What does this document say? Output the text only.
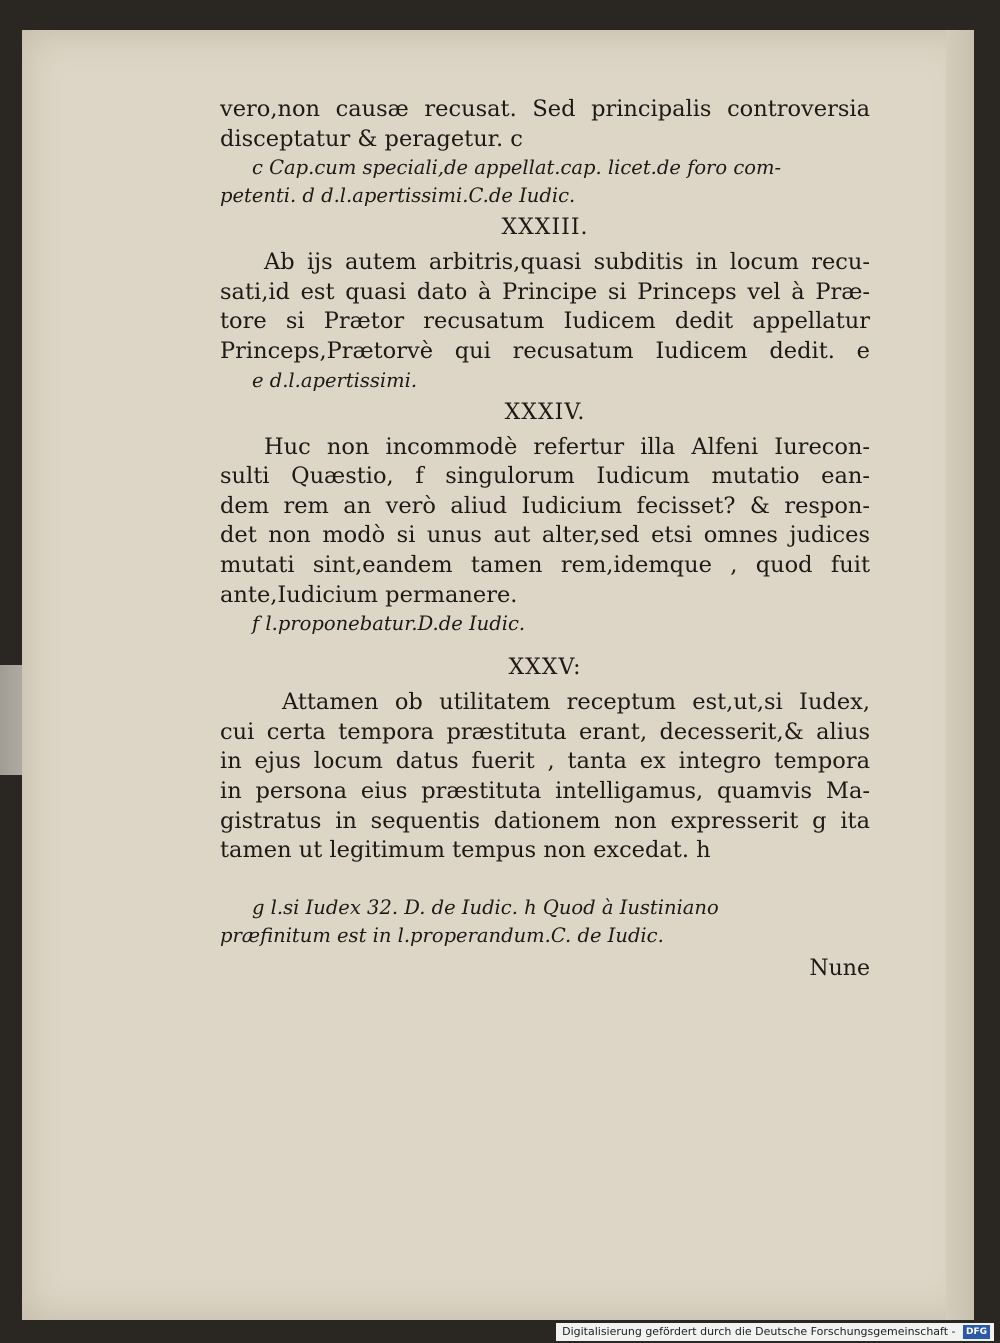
vero,non causæ recusat. Sed principalis controversia
disceptatur & peragetur. c
c Cap.cum speciali,de appellat.cap. licet.de foro com-
petenti. d d.l.apertissimi.C.de Iudic.
XXXIII.
Ab ijs autem arbitris,quasi subditis in locum recu-
sati,id est quasi dato à Principe si Princeps vel à Præ-
tore si Prætor recusatum Iudicem dedit appellatur
Princeps,Prætorvè qui recusatum Iudicem dedit. e
e d.l.apertissimi.
XXXIV.
Huc non incommodè refertur illa Alfeni Iurecon-
sulti Quæstio, f singulorum Iudicum mutatio ean-
dem rem an verò aliud Iudicium fecisset? & respon-
det non modò si unus aut alter,sed etsi omnes judices
mutati sint,eandem tamen rem,idemque , quod fuit
ante,Iudicium permanere.
f l.proponebatur.D.de Iudic.
XXXV:
Attamen ob utilitatem receptum est,ut,si Iudex,
cui certa tempora præstituta erant, decesserit,& alius
in ejus locum datus fuerit , tanta ex integro tempora
in persona eius præstituta intelligamus, quamvis Ma-
gistratus in sequentis dationem non expresserit g ita
tamen ut legitimum tempus non excedat. h
g l.si Iudex 32. D. de Iudic. h Quod à Iustiniano
præfinitum est in l.properandum.C. de Iudic.
Nune
Digitalisierung gefördert durch die Deutsche Forschungsgemeinschaft - DFG
